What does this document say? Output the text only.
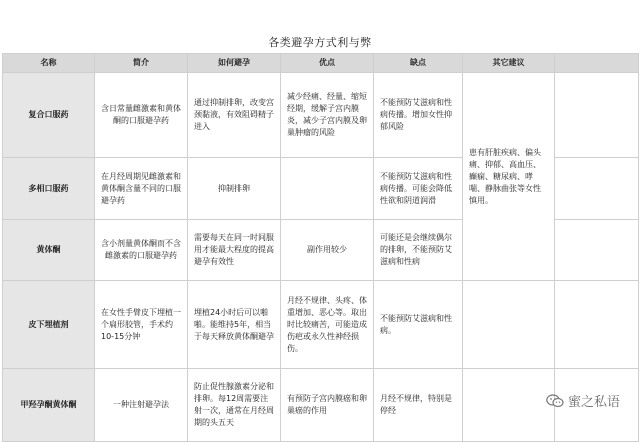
各类避孕方式利与弊
名称	简介	如何避孕	优点	缺点	其它建议	
复合口服药	含日常量雌激素和黄体酮的口服避孕药	通过抑制排卵，改变宫颈黏液，有效阻碍精子进入	减少经痛、经量、缩短经期，缓解子宫内膜炎，减少子宫内膜及卵巢肿瘤的风险	不能预防艾滋病和性病传播。增加女性抑郁风险	患有肝脏疾病、偏头痛、抑郁、高血压、癫痫、糖尿病、哮喘、静脉曲张等女性慎用。	
多相口服药	在月经周期见雌激素和黄体酮含量不同的口服避孕药	抑制排卵		不能预防艾滋病和性病传播。可能会降低性欲和阴道润滑		
黄体酮	含小剂量黄体酮而不含雌激素的口服避孕药	需要每天在同一时间服用才能最大程度的提高避孕有效性	副作用较少	可能还是会继续偶尔的排卵，不能预防艾滋病和性病		
皮下埋植剂	在女性手臂皮下埋植一个扁形胶管，手术约10-15分钟	埋植24小时后可以啪啪。能维持5年，相当于每天释放黄体酮避孕	月经不规律、头疼、体重增加、恶心等。取出时比较痛苦，可能造成伤疤或永久性神经损伤。	不能预防艾滋病和性病。		
甲羟孕酮黄体酮	一种注射避孕法	防止促性腺激素分泌和排卵。每12周需要注射一次，通常在月经周期的头五天	有预防子宫内膜癌和卵巢癌的作用	月经不规律，特别是停经		
蜜之私语
